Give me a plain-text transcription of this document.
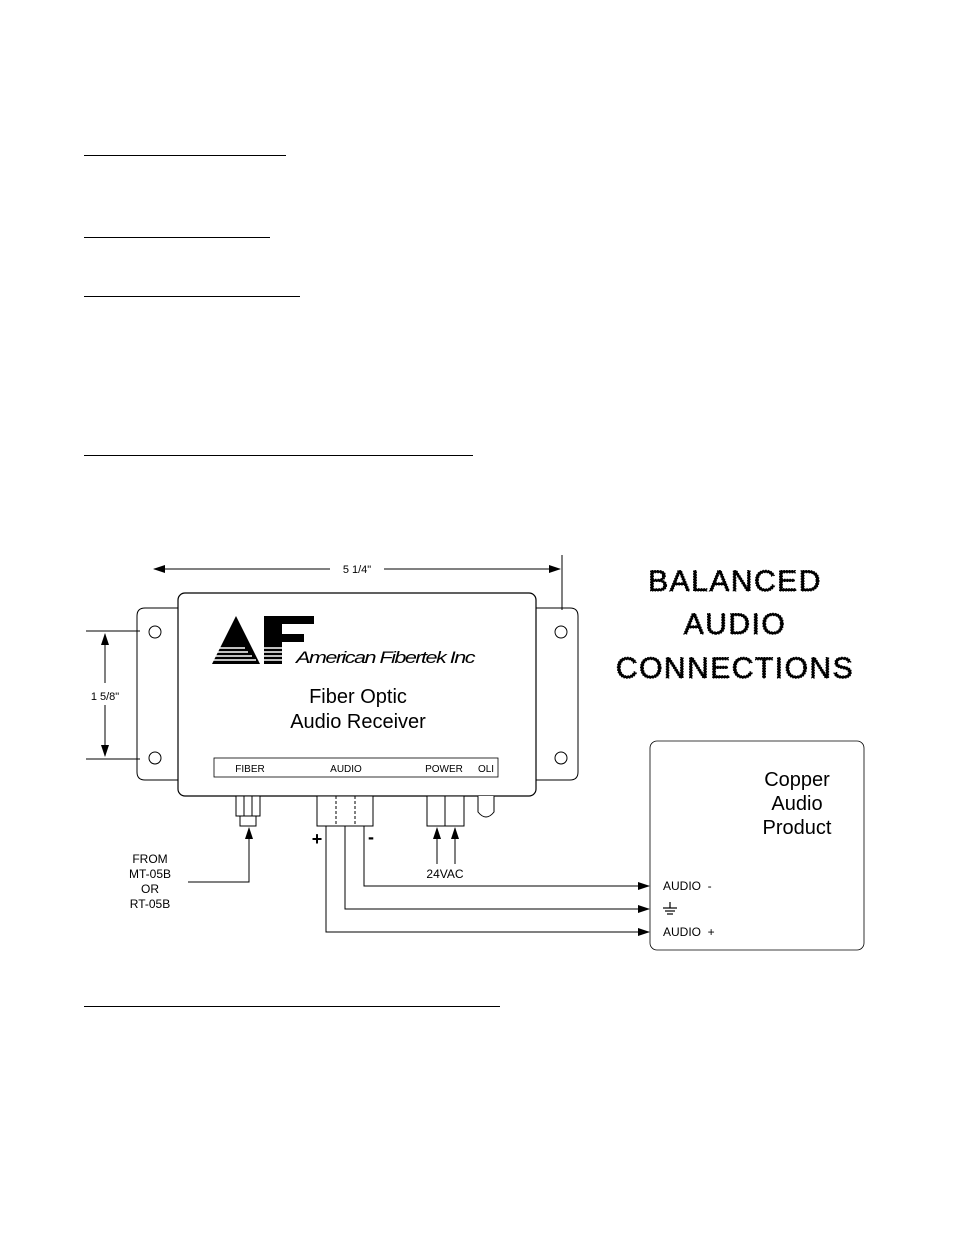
5 1/4"
1 5/8"
American Fibertek Inc
Fiber Optic
Audio Receiver
FIBER	AUDIO	POWER OLI
+	-
24VAC
FROM
MT-05B
OR
RT-05B
BALANCED
AUDIO
CONNECTIONS
Copper
Audio
Product
AUDIO  -
AUDIO  +
